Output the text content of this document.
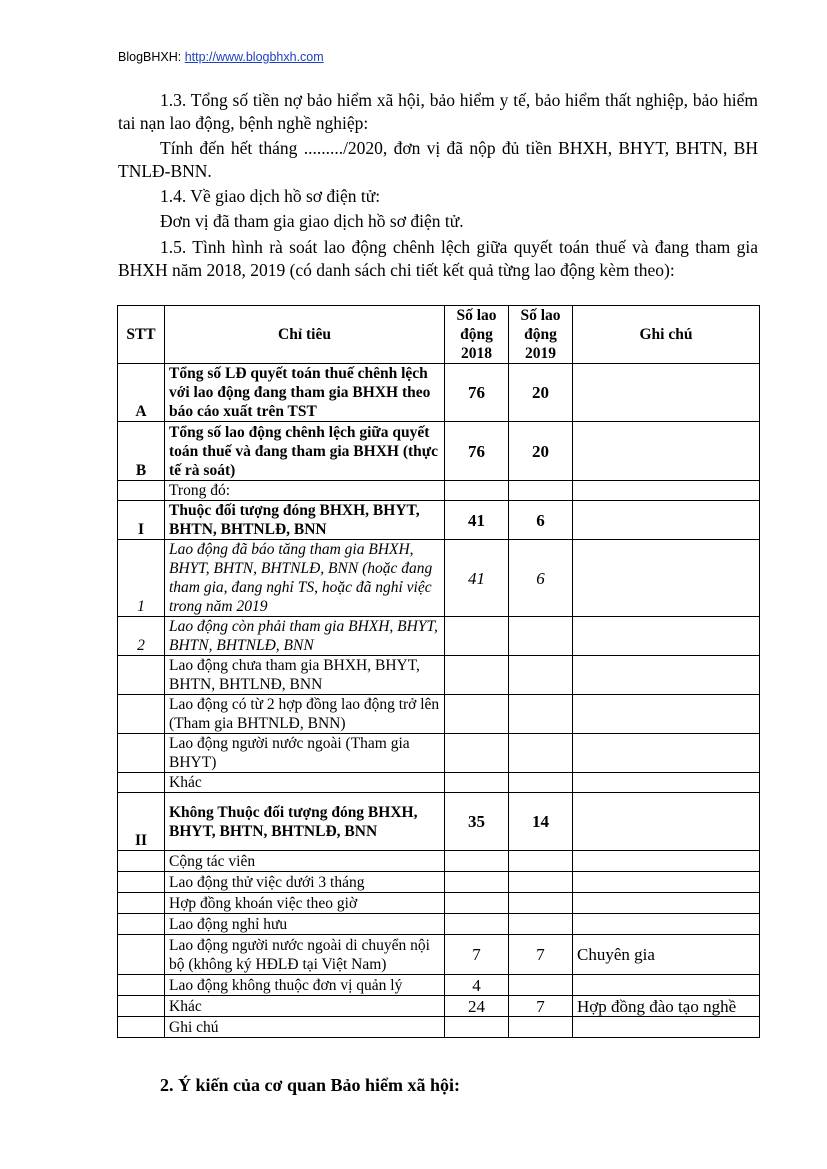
BlogBHXH: http://www.blogbhxh.com
1.3. Tổng số tiền nợ bảo hiểm xã hội, bảo hiểm y tế, bảo hiểm thất nghiệp, bảo hiểm tai nạn lao động, bệnh nghề nghiệp:
Tính đến hết tháng ........./2020, đơn vị đã nộp đủ tiền BHXH, BHYT, BHTN, BH TNLĐ-BNN.
1.4. Về giao dịch hồ sơ điện tử:
Đơn vị đã tham gia giao dịch hồ sơ điện tử.
1.5. Tình hình rà soát lao động chênh lệch giữa quyết toán thuế và đang tham gia BHXH năm 2018, 2019 (có danh sách chi tiết kết quả từng lao động kèm theo):
STT	Chỉ tiêu	Số lao động 2018	Số lao động 2019	Ghi chú
A	Tổng số LĐ quyết toán thuế chênh lệch với lao động đang tham gia BHXH theo báo cáo xuất trên TST	76	20	
B	Tổng số lao động chênh lệch giữa quyết toán thuế và đang tham gia BHXH (thực tế rà soát)	76	20	
	Trong đó:			
I	Thuộc đối tượng đóng BHXH, BHYT, BHTN, BHTNLĐ, BNN	41	6	
1	Lao động đã báo tăng tham gia BHXH, BHYT, BHTN, BHTNLĐ, BNN (hoặc đang tham gia, đang nghỉ TS, hoặc đã nghỉ việc trong năm 2019	41	6	
2	Lao động còn phải tham gia BHXH, BHYT, BHTN, BHTNLĐ, BNN			
	Lao động chưa tham gia BHXH, BHYT, BHTN, BHTLNĐ, BNN			
	Lao động có từ 2 hợp đồng lao động trở lên (Tham gia BHTNLĐ, BNN)			
	Lao động người nước ngoài (Tham gia BHYT)			
	Khác			
II	Không Thuộc đối tượng đóng BHXH, BHYT, BHTN, BHTNLĐ, BNN	35	14	
	Cộng tác viên			
	Lao động thử việc dưới 3 tháng			
	Hợp đồng khoán việc theo giờ			
	Lao động nghỉ hưu			
	Lao động người nước ngoài di chuyển nội bộ (không ký HĐLĐ tại Việt Nam)	7	7	Chuyên gia
	Lao động không thuộc đơn vị quản lý	4		
	Khác	24	7	Hợp đồng đào tạo nghề
	Ghi chú			
2. Ý kiến của cơ quan Bảo hiểm xã hội:
